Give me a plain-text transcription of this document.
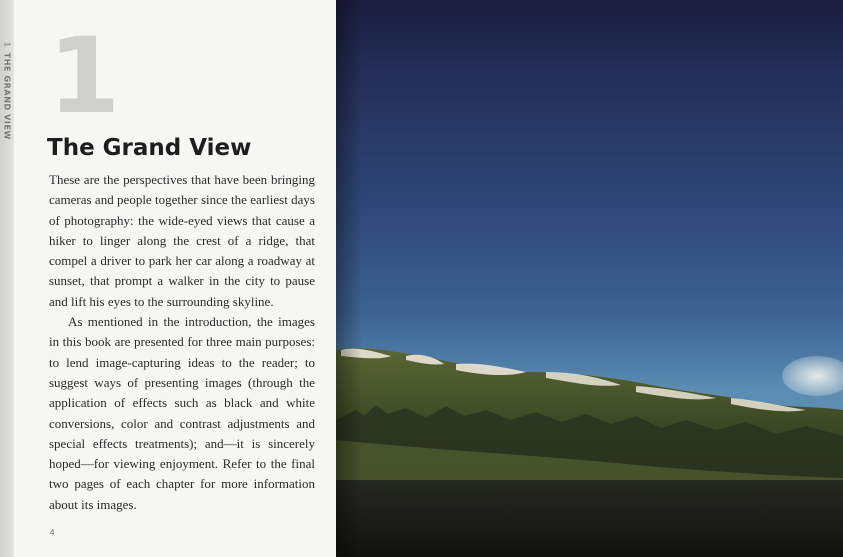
1THE GRAND VIEW 1
The Grand View

These are the perspectives that have been bringing cameras and people together since the earliest days of photography: the wide-eyed views that cause a hiker to linger along the crest of a ridge, that compel a driver to park her car along a roadway at sunset, that prompt a walker in the city to pause and lift his eyes to the surrounding skyline.

As mentioned in the introduction, the images in this book are presented for three main purposes: to lend image-capturing ideas to the reader; to suggest ways of presenting images (through the application of effects such as black and white conversions, color and contrast adjustments and special effects treatments); and—it is sincerely hoped—for viewing enjoyment. Refer to the final two pages of each chapter for more information about its images.

4
